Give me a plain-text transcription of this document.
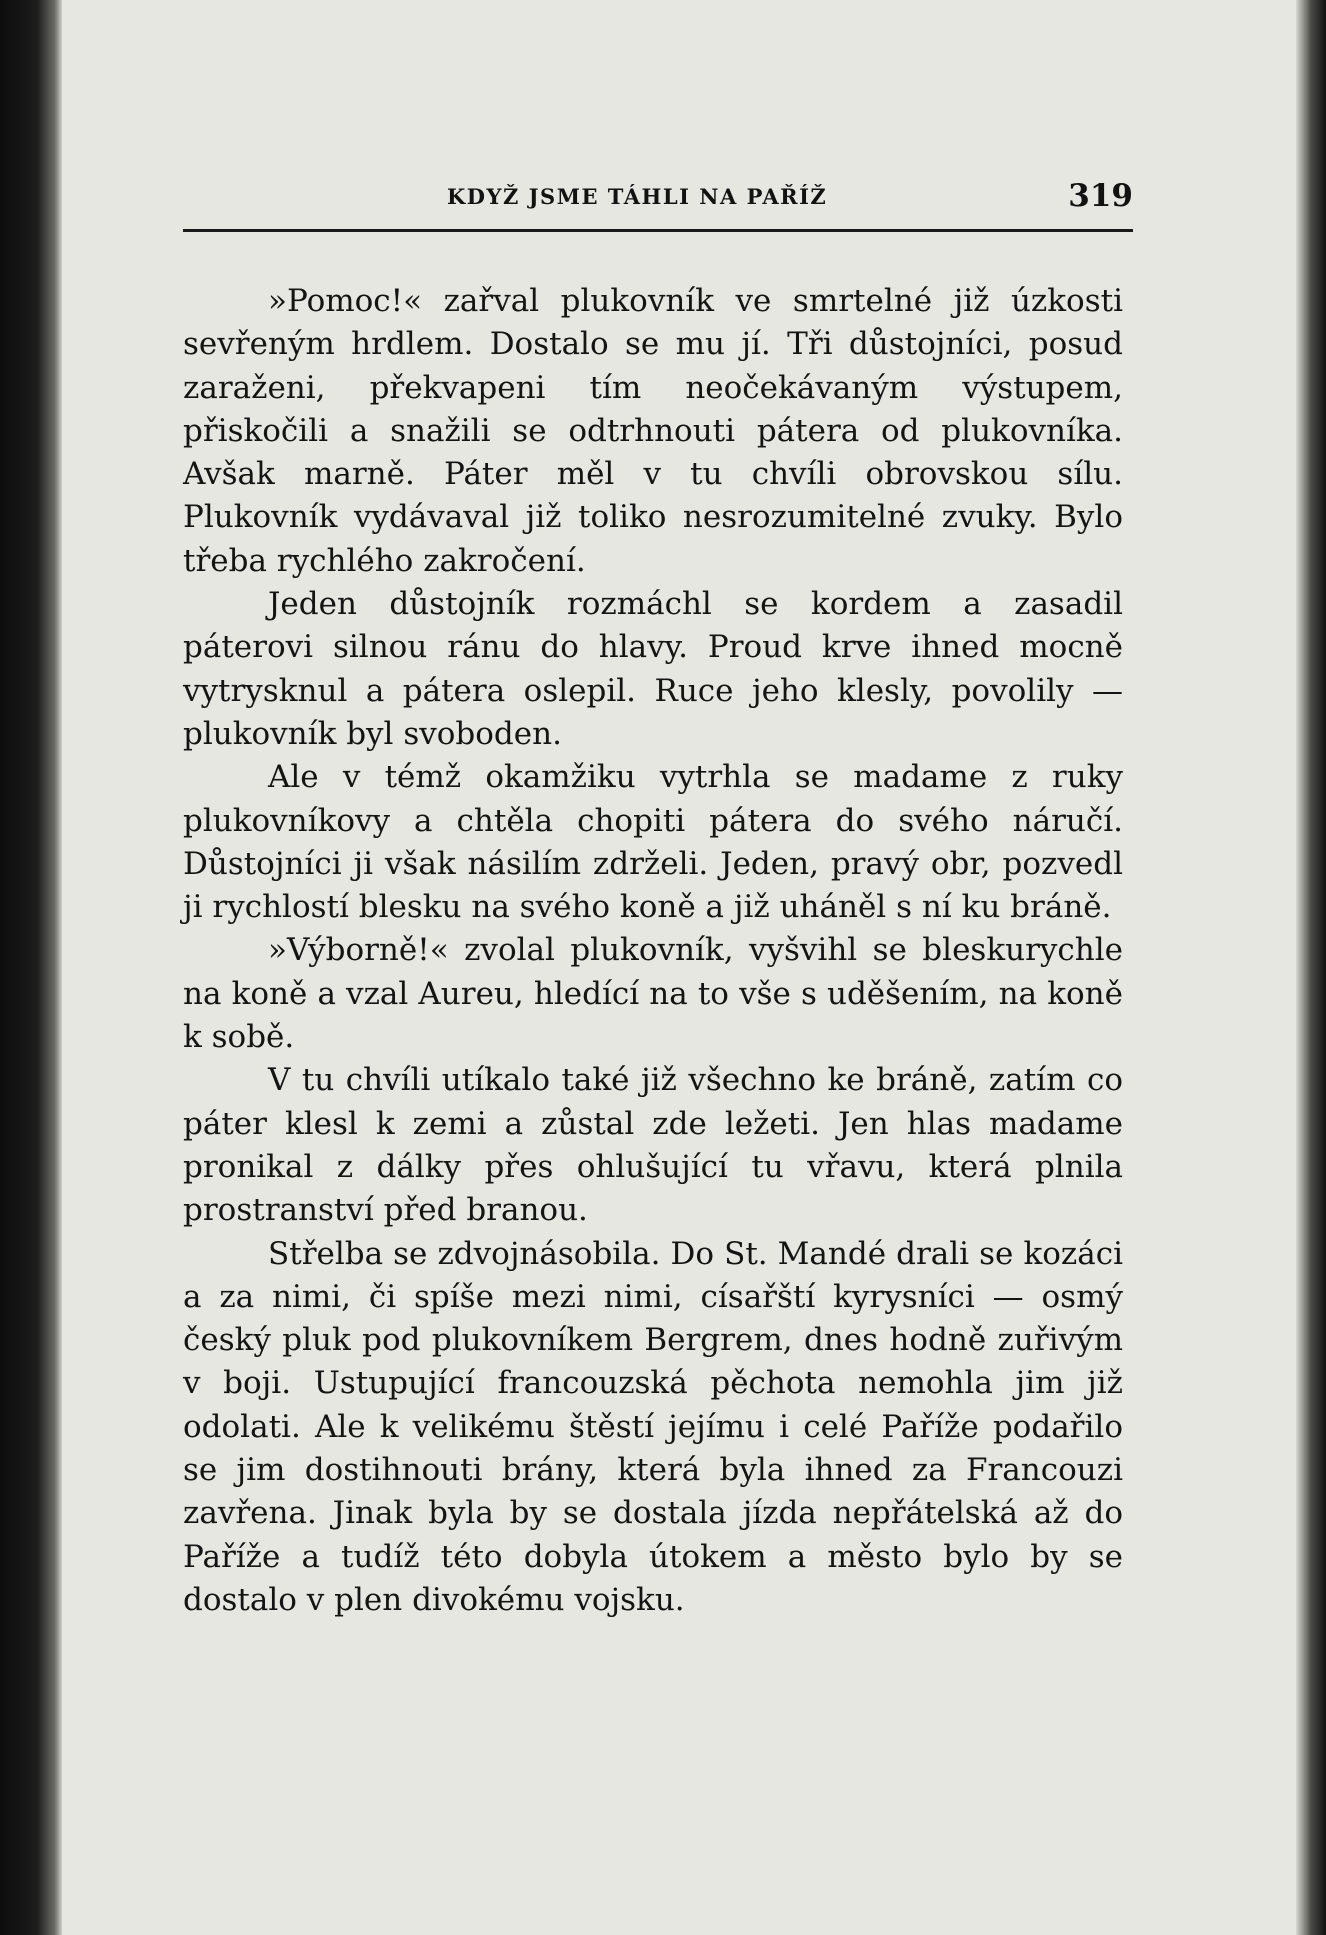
KDYŽ JSME TÁHLI NA PAŘÍŽ	319

»Pomoc!« zařval plukovník ve smrtelné již úzkosti sevřeným hrdlem. Dostalo se mu jí. Tři důstojníci, posud zaraženi, překvapeni tím neočekávaným výstupem, přiskočili a snažili se odtrhnouti pátera od plukovníka. Avšak marně. Páter měl v tu chvíli obrovskou sílu. Plukovník vydávaval již toliko nesrozumitelné zvuky. Bylo třeba rychlého zakročení.

Jeden důstojník rozmáchl se kordem a zasadil páterovi silnou ránu do hlavy. Proud krve ihned mocně vytrysknul a pátera oslepil. Ruce jeho klesly, povolily — plukovník byl svoboden.

Ale v témž okamžiku vytrhla se madame z ruky plukovníkovy a chtěla chopiti pátera do svého náručí. Důstojníci ji však násilím zdrželi. Jeden, pravý obr, pozvedl ji rychlostí blesku na svého koně a již uháněl s ní ku bráně.

»Výborně!« zvolal plukovník, vyšvihl se bleskurychle na koně a vzal Aureu, hledící na to vše s uděšením, na koně k sobě.

V tu chvíli utíkalo také již všechno ke bráně, zatím co páter klesl k zemi a zůstal zde ležeti. Jen hlas madame pronikal z dálky přes ohlušující tu vřavu, která plnila prostranství před branou.

Střelba se zdvojnásobila. Do St. Mandé drali se kozáci a za nimi, či spíše mezi nimi, císařští kyrysníci — osmý český pluk pod plukovníkem Bergrem, dnes hodně zuřivým v boji. Ustupující francouzská pěchota nemohla jim již odolati. Ale k velikému štěstí jejímu i celé Paříže podařilo se jim dostihnouti brány, která byla ihned za Francouzi zavřena. Jinak byla by se dostala jízda nepřátelská až do Paříže a tudíž této dobyla útokem a město bylo by se dostalo v plen divokému vojsku.
